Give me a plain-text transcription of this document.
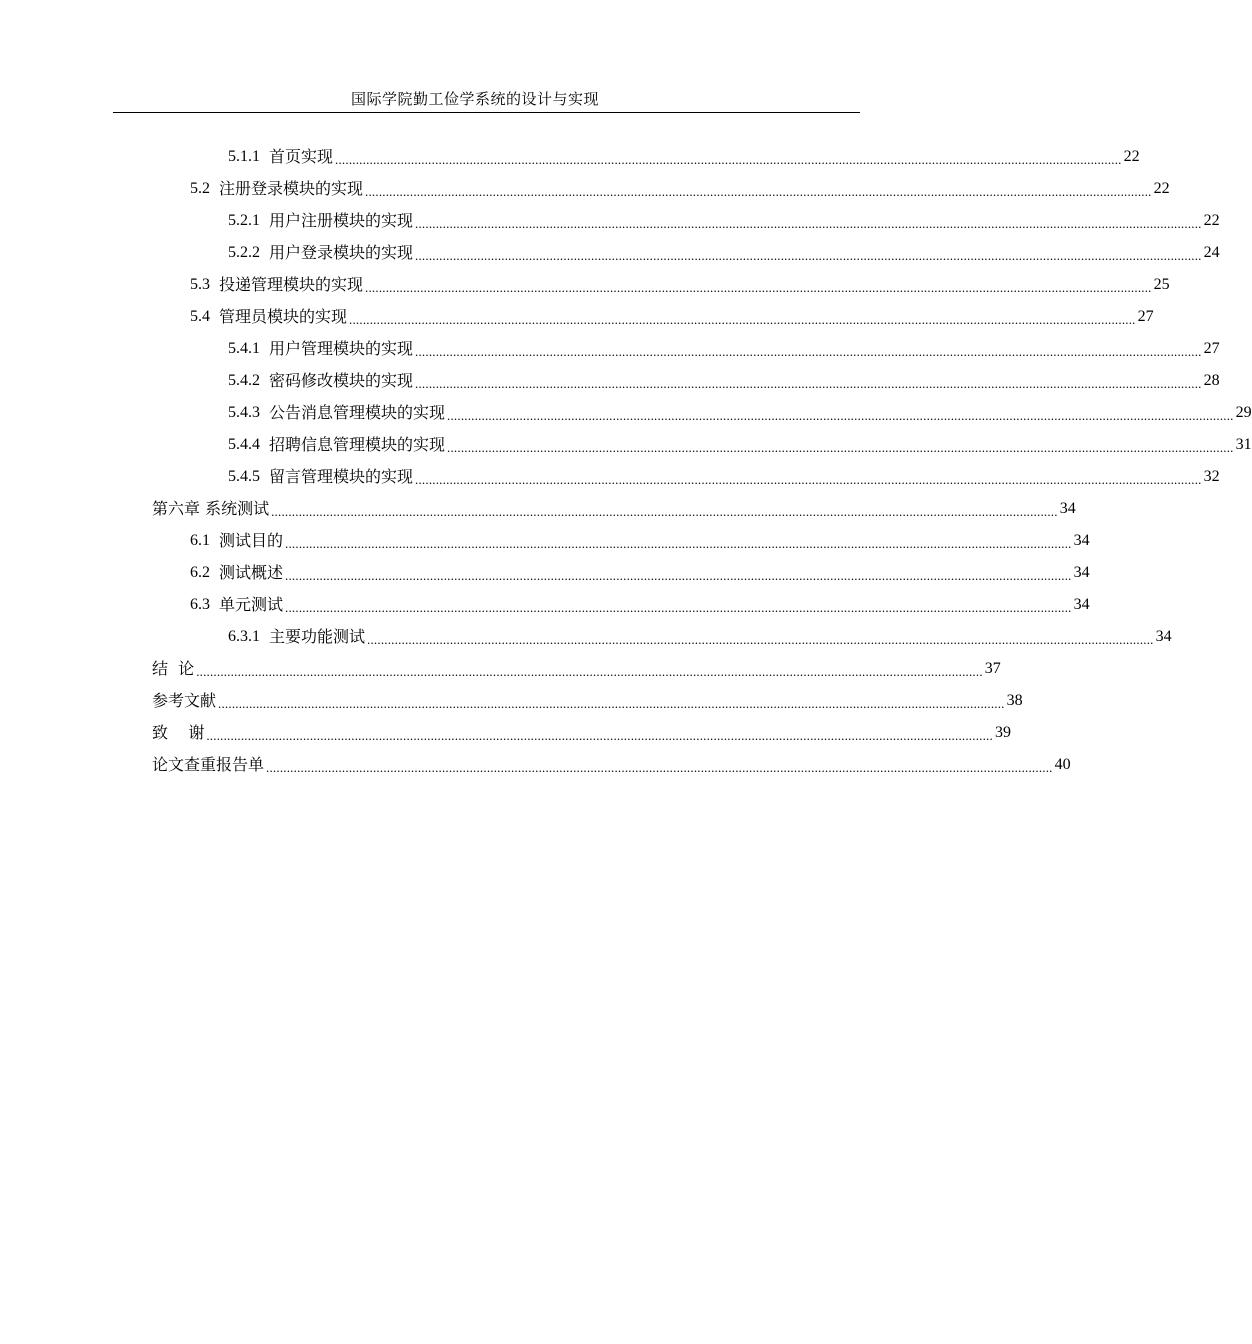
国际学院勤工俭学系统的设计与实现
5.1.1 首页实现 .................................................................................................................................................................................................................................... 22
5.2 注册登录模块的实现 .................................................................................................................................................................................................................................... 22
5.2.1 用户注册模块的实现 .................................................................................................................................................................................................................................... 22
5.2.2 用户登录模块的实现 .................................................................................................................................................................................................................................... 24
5.3 投递管理模块的实现 .................................................................................................................................................................................................................................... 25
5.4 管理员模块的实现 .................................................................................................................................................................................................................................... 27
5.4.1 用户管理模块的实现 .................................................................................................................................................................................................................................... 27
5.4.2 密码修改模块的实现 .................................................................................................................................................................................................................................... 28
5.4.3 公告消息管理模块的实现 .................................................................................................................................................................................................................................... 29
5.4.4 招聘信息管理模块的实现 .................................................................................................................................................................................................................................... 31
5.4.5 留言管理模块的实现 .................................................................................................................................................................................................................................... 32
第六章 系统测试 .................................................................................................................................................................................................................................... 34
6.1 测试目的 .................................................................................................................................................................................................................................... 34
6.2 测试概述 .................................................................................................................................................................................................................................... 34
6.3 单元测试 .................................................................................................................................................................................................................................... 34
6.3.1 主要功能测试 .................................................................................................................................................................................................................................... 34
结  论 .................................................................................................................................................................................................................................... 37
参考文献 .................................................................................................................................................................................................................................... 38
致    谢 .................................................................................................................................................................................................................................... 39
论文查重报告单 .................................................................................................................................................................................................................................... 40
